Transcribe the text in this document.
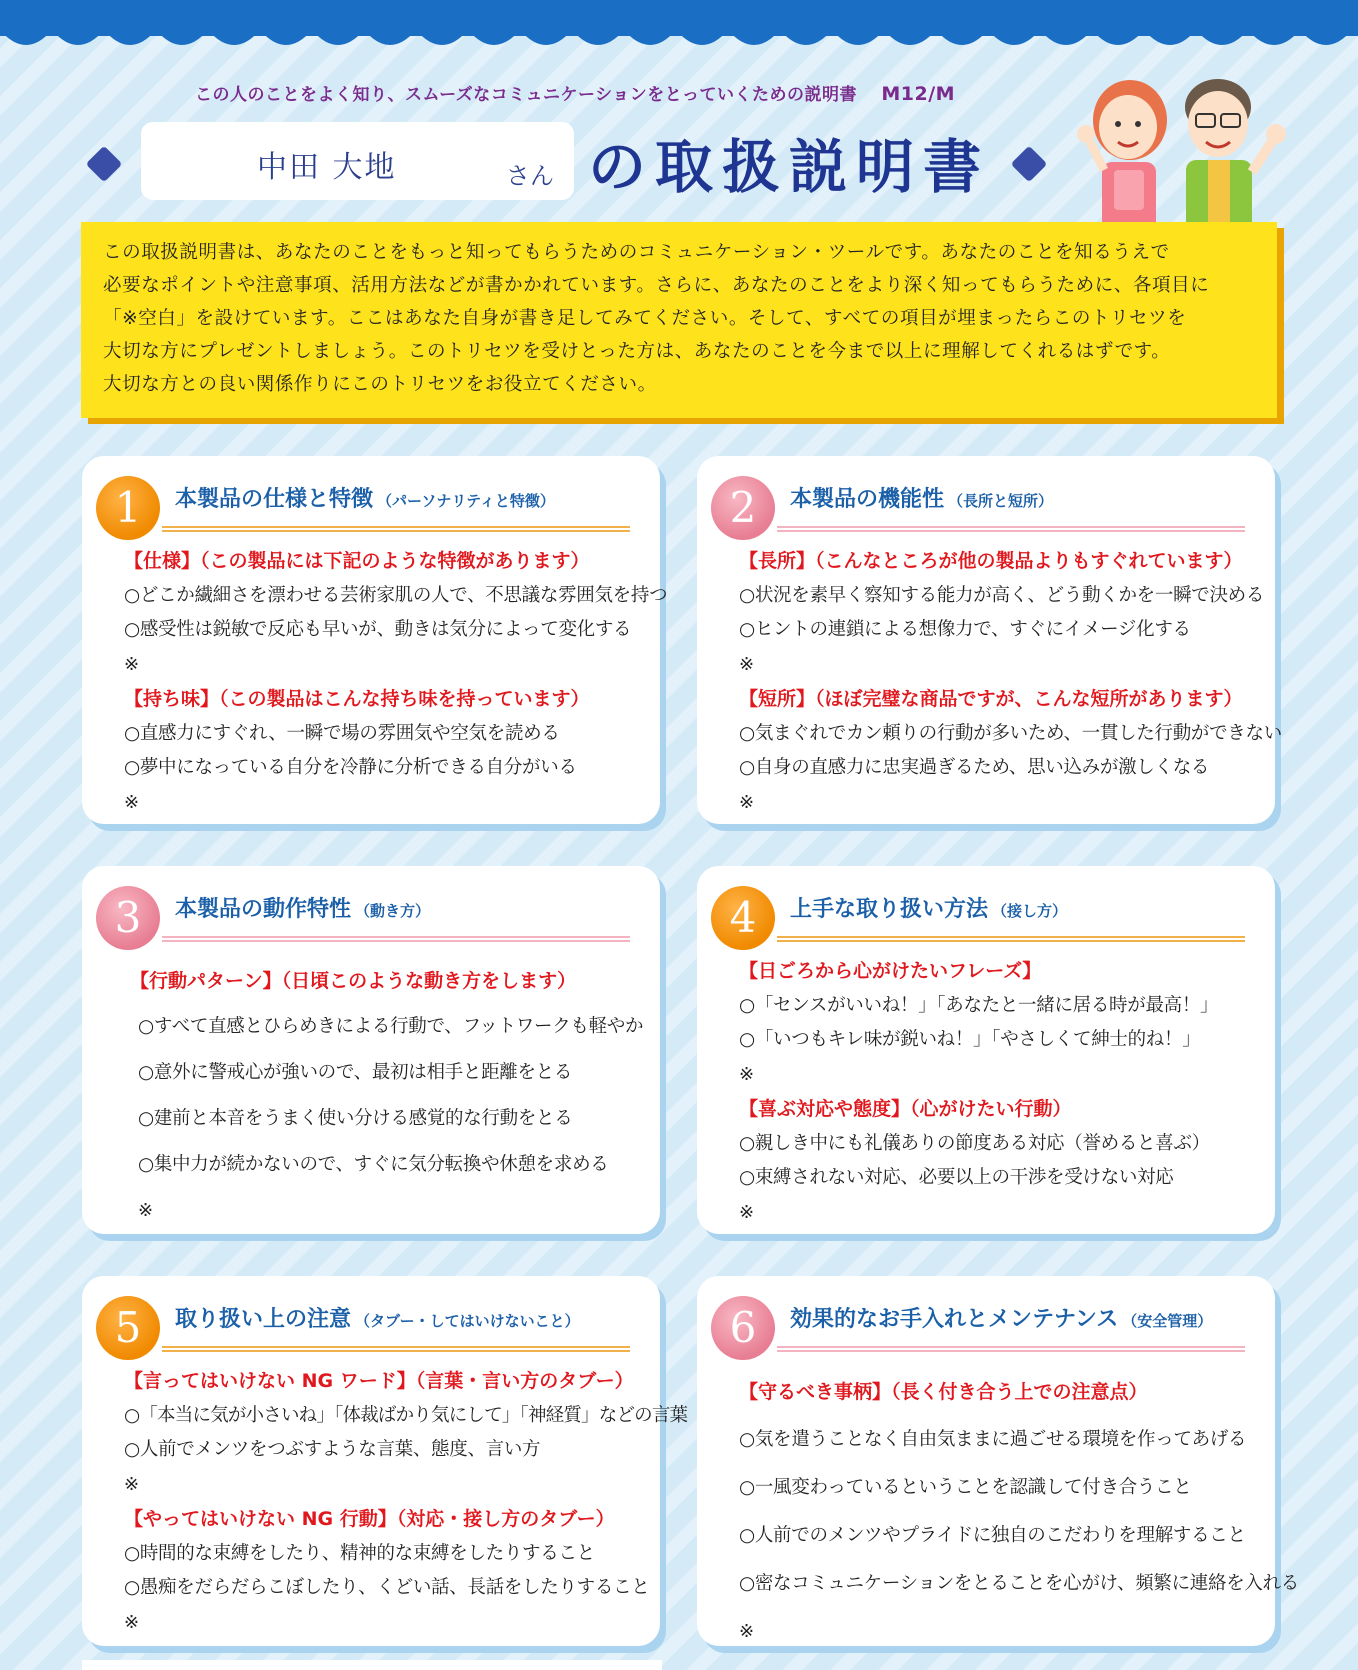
この人のことをよく知り、スムーズなコミュニケーションをとっていくための説明書 M12/M
中田 大地	さん の取扱説明書

この取扱説明書は、あなたのことをもっと知ってもらうためのコミュニケーション・ツールです。あなたのことを知るうえで

必要なポイントや注意事項、活用方法などが書かかれています。さらに、あなたのことをより深く知ってもらうために、各項目に

「※空白」を設けています。ここはあなた自身が書き足してみてください。そして、すべての項目が埋まったらこのトリセツを

大切な方にプレゼントしましょう。このトリセツを受けとった方は、あなたのことを今まで以上に理解してくれるはずです。

大切な方との良い関係作りにこのトリセツをお役立てください。

1	本製品の仕様と特徴 （パーソナリティと特徴）
【仕様】（この製品には下記のような特徴があります）
○どこか繊細さを漂わせる芸術家肌の人で、不思議な雰囲気を持つ
○感受性は鋭敏で反応も早いが、動きは気分によって変化する
※
【持ち味】（この製品はこんな持ち味を持っています）
○直感力にすぐれ、一瞬で場の雰囲気や空気を読める
○夢中になっている自分を冷静に分析できる自分がいる
※
2	本製品の機能性 （長所と短所）
【長所】（こんなところが他の製品よりもすぐれています）
○状況を素早く察知する能力が高く、どう動くかを一瞬で決める
○ヒントの連鎖による想像力で、すぐにイメージ化する
※
【短所】（ほぼ完璧な商品ですが、こんな短所があります）
○気まぐれでカン頼りの行動が多いため、一貫した行動ができない
○自身の直感力に忠実過ぎるため、思い込みが激しくなる
※
3	本製品の動作特性 （動き方）
【行動パターン】（日頃このような動き方をします）
○すべて直感とひらめきによる行動で、フットワークも軽やか
○意外に警戒心が強いので、最初は相手と距離をとる
○建前と本音をうまく使い分ける感覚的な行動をとる
○集中力が続かないので、すぐに気分転換や休憩を求める
※
4	上手な取り扱い方法 （接し方）
【日ごろから心がけたいフレーズ】
○「センスがいいね！」「あなたと一緒に居る時が最高！」
○「いつもキレ味が鋭いね！」「やさしくて紳士的ね！」
※
【喜ぶ対応や態度】（心がけたい行動）
○親しき中にも礼儀ありの節度ある対応（誉めると喜ぶ）
○束縛されない対応、必要以上の干渉を受けない対応
※
5	取り扱い上の注意 （タブー・してはいけないこと）
【言ってはいけない NG ワード】（言葉・言い方のタブー）
○「本当に気が小さいね」「体裁ばかり気にして」「神経質」などの言葉
○人前でメンツをつぶすような言葉、態度、言い方
※
【やってはいけない NG 行動】（対応・接し方のタブー）
○時間的な束縛をしたり、精神的な束縛をしたりすること
○愚痴をだらだらこぼしたり、くどい話、長話をしたりすること
※
6	効果的なお手入れとメンテナンス （安全管理）
【守るべき事柄】（長く付き合う上での注意点）
○気を遣うことなく自由気ままに過ごせる環境を作ってあげる
○一風変わっているということを認識して付き合うこと
○人前でのメンツやプライドに独自のこだわりを理解すること
○密なコミュニケーションをとることを心がけ、頻繁に連絡を入れる
※
